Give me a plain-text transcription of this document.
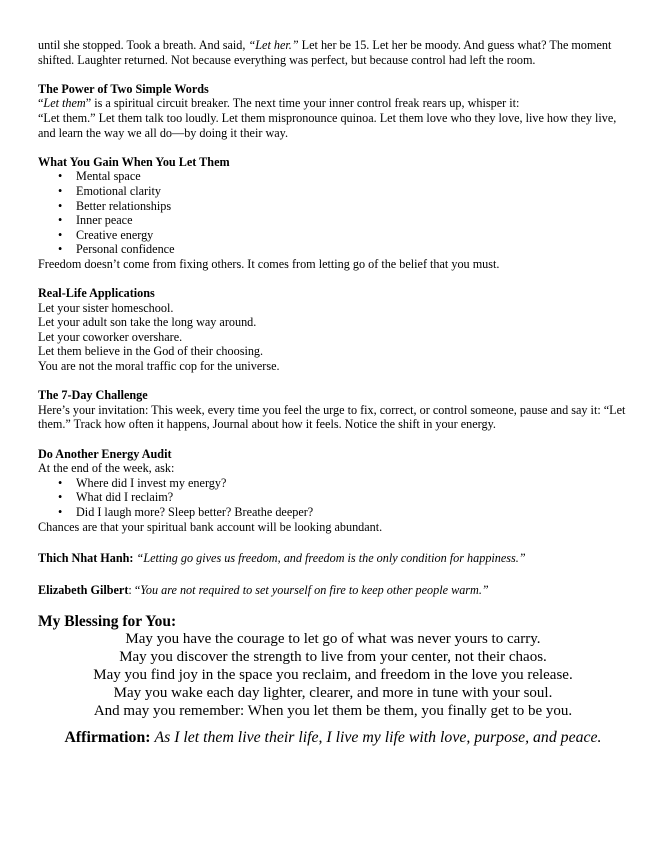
until she stopped. Took a breath. And said, “Let her.” Let her be 15. Let her be moody. And guess what? The moment shifted. Laughter returned. Not because everything was perfect, but because control had left the room.

The Power of Two Simple Words

“Let them” is a spiritual circuit breaker. The next time your inner control freak rears up, whisper it:

“Let them.” Let them talk too loudly. Let them mispronounce quinoa. Let them love who they love, live how they live, and learn the way we all do—by doing it their way.

What You Gain When You Let Them

• Mental space
• Emotional clarity
• Better relationships
• Inner peace
• Creative energy
• Personal confidence

Freedom doesn’t come from fixing others. It comes from letting go of the belief that you must.

Real-Life Applications

Let your sister homeschool.

Let your adult son take the long way around.

Let your coworker overshare.

Let them believe in the God of their choosing.

You are not the moral traffic cop for the universe.

The 7-Day Challenge

Here’s your invitation: This week, every time you feel the urge to fix, correct, or control someone, pause and say it: “Let them.” Track how often it happens, Journal about how it feels. Notice the shift in your energy.

Do Another Energy Audit

At the end of the week, ask:

• Where did I invest my energy?
• What did I reclaim?
• Did I laugh more? Sleep better? Breathe deeper?

Chances are that your spiritual bank account will be looking abundant.

Thich Nhat Hanh: “Letting go gives us freedom, and freedom is the only condition for happiness.”

Elizabeth Gilbert: “You are not required to set yourself on fire to keep other people warm.”

My Blessing for You:

May you have the courage to let go of what was never yours to carry.

May you discover the strength to live from your center, not their chaos.

May you find joy in the space you reclaim, and freedom in the love you release.

May you wake each day lighter, clearer, and more in tune with your soul.

And may you remember: When you let them be them, you finally get to be you.

Affirmation: As I let them live their life, I live my life with love, purpose, and peace.
